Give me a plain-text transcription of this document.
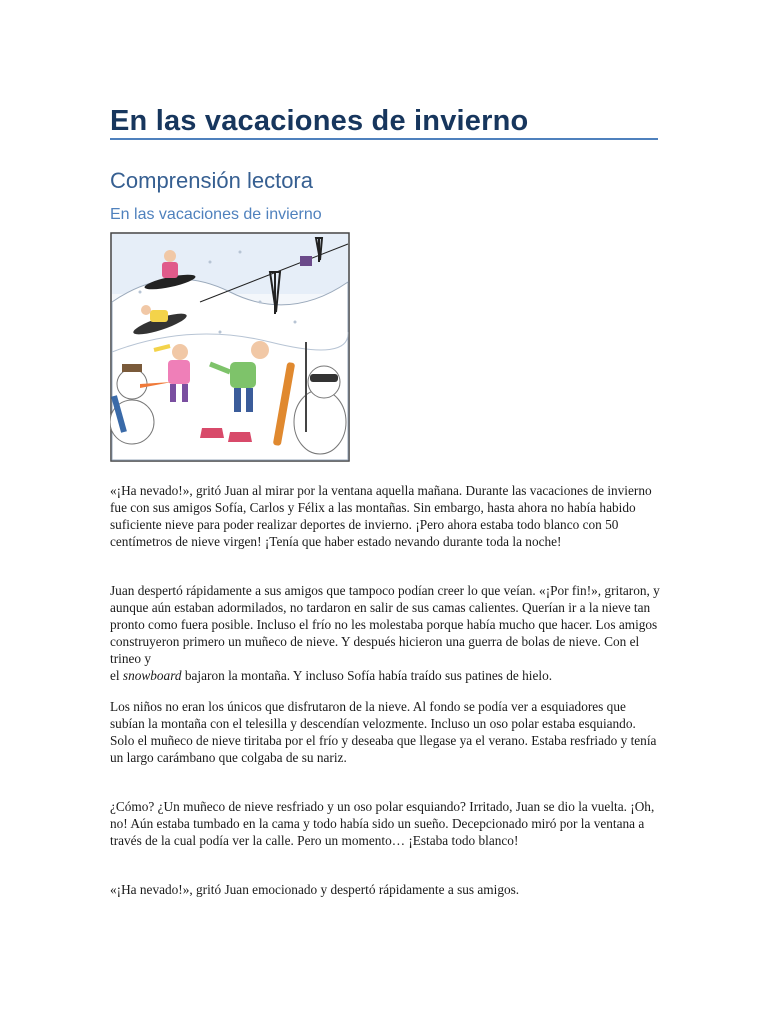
En las vacaciones de invierno
Comprensión lectora
En las vacaciones de invierno
«¡Ha nevado!», gritó Juan al mirar por la ventana aquella mañana. Durante las vacaciones de invierno fue con sus amigos Sofía, Carlos y Félix a las montañas. Sin embargo, hasta ahora no había habido suficiente nieve para poder realizar deportes de invierno. ¡Pero ahora estaba todo blanco con 50 centímetros de nieve virgen! ¡Tenía que haber estado nevando durante toda la noche!
Juan despertó rápidamente a sus amigos que tampoco podían creer lo que veían. «¡Por fin!», gritaron, y aunque aún estaban adormilados, no tardaron en salir de sus camas calientes. Querían ir a la nieve tan pronto como fuera posible. Incluso el frío no les molestaba porque había mucho que hacer. Los amigos construyeron primero un muñeco de nieve. Y después hicieron una guerra de bolas de nieve. Con el trineo y
el snowboard bajaron la montaña. Y incluso Sofía había traído sus patines de hielo.
Los niños no eran los únicos que disfrutaron de la nieve. Al fondo se podía ver a esquiadores que subían la montaña con el telesilla y descendían velozmente. Incluso un oso polar estaba esquiando. Solo el muñeco de nieve tiritaba por el frío y deseaba que llegase ya el verano. Estaba resfriado y tenía un largo carámbano que colgaba de su nariz.
¿Cómo? ¿Un muñeco de nieve resfriado y un oso polar esquiando? Irritado, Juan se dio la vuelta. ¡Oh, no! Aún estaba tumbado en la cama y todo había sido un sueño. Decepcionado miró por la ventana a través de la cual podía ver la calle. Pero un momento… ¡Estaba todo blanco!
«¡Ha nevado!», gritó Juan emocionado y despertó rápidamente a sus amigos.
